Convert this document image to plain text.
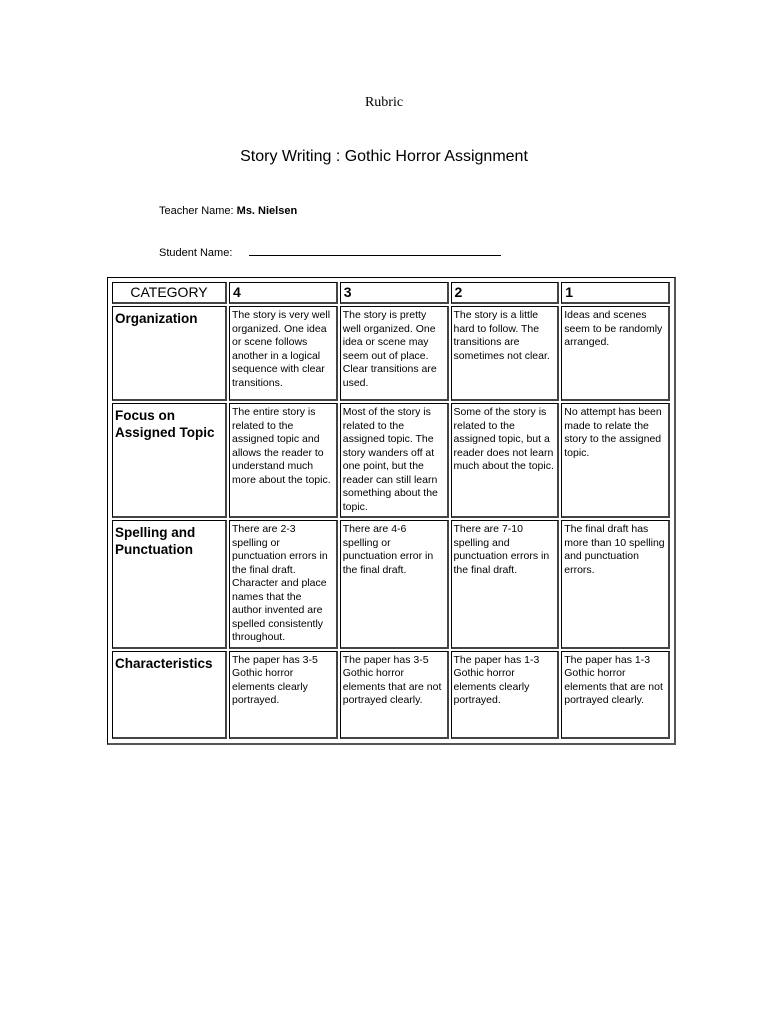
Rubric
Story Writing : Gothic Horror Assignment
Teacher Name: Ms. Nielsen
Student Name:
CATEGORY	4	3	2	1
Organization	The story is very well organized. One idea or scene follows another in a logical sequence with clear transitions.	The story is pretty well organized. One idea or scene may seem out of place. Clear transitions are used.	The story is a little hard to follow. The transitions are sometimes not clear.	Ideas and scenes seem to be randomly arranged.
Focus on Assigned Topic	The entire story is related to the assigned topic and allows the reader to understand much more about the topic.	Most of the story is related to the assigned topic. The story wanders off at one point, but the reader can still learn something about the topic.	Some of the story is related to the assigned topic, but a reader does not learn much about the topic.	No attempt has been made to relate the story to the assigned topic.
Spelling and Punctuation	There are 2-3 spelling or punctuation errors in the final draft. Character and place names that the author invented are spelled consistently throughout.	There are 4-6 spelling or punctuation error in the final draft.	There are 7-10 spelling and punctuation errors in the final draft.	The final draft has more than 10 spelling and punctuation errors.
Characteristics	The paper has 3-5 Gothic horror elements clearly portrayed.	The paper has 3-5 Gothic horror elements that are not portrayed clearly.	The paper has 1-3 Gothic horror elements clearly portrayed.	The paper has 1-3 Gothic horror elements that are not portrayed clearly.
